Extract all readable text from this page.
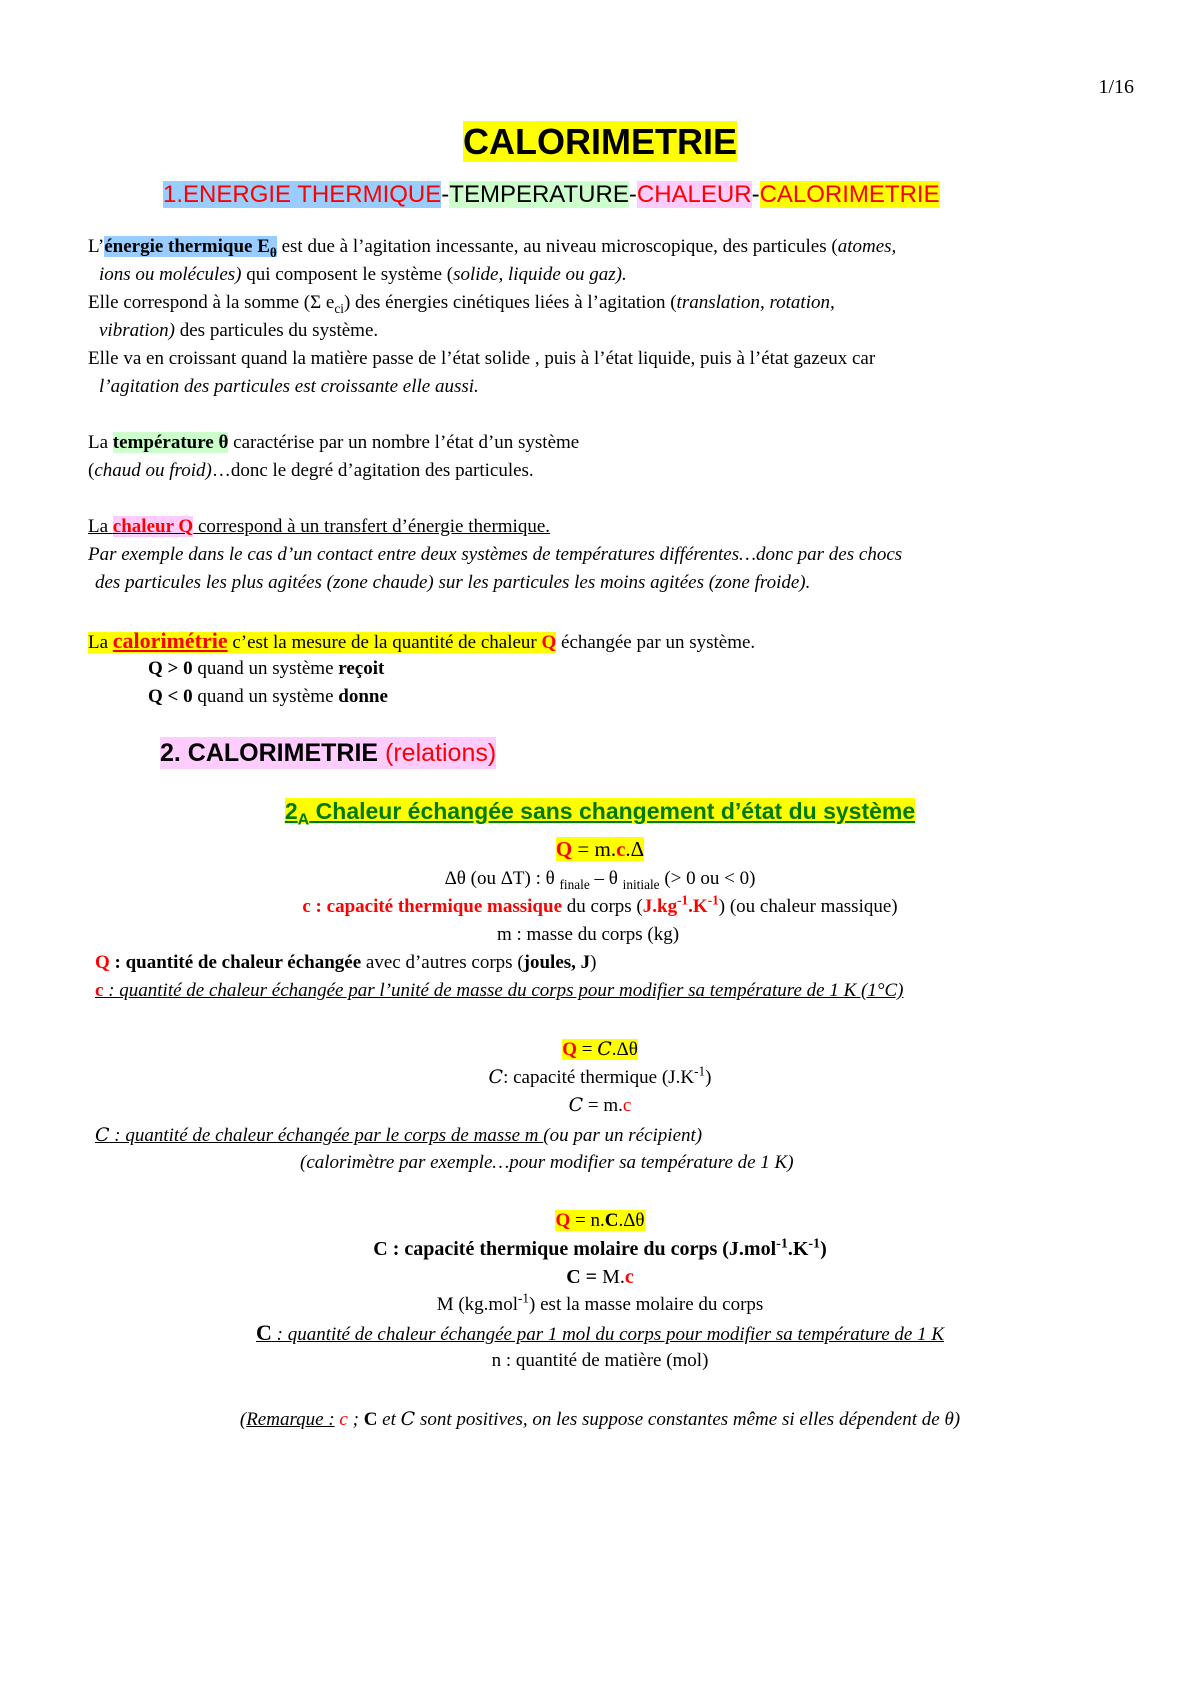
1/16
CALORIMETRIE
1.ENERGIE THERMIQUE-TEMPERATURE-CHALEUR-CALORIMETRIE
L’énergie thermique $E_\theta$ est due à l’agitation incessante, au niveau microscopique, des particules (atomes,
ions ou molécules) qui composent le système (solide, liquide ou gaz).
Elle correspond à la somme (Σ $e_{ci}$) des énergies cinétiques liées à l’agitation (translation, rotation,
vibration) des particules du système.
Elle va en croissant quand la matière passe de l’état solide , puis à l’état liquide, puis à l’état gazeux car
l’agitation des particules est croissante elle aussi.
La température θ caractérise par un nombre l’état d’un système
(chaud ou froid)…donc le degré d’agitation des particules.
La chaleur Q correspond à un transfert d’énergie thermique.
Par exemple dans le cas d’un contact entre deux systèmes de températures différentes…donc par des chocs
des particules les plus agitées (zone chaude) sur les particules les moins agitées (zone froide).
La calorimétrie c’est la mesure de la quantité de chaleur Q échangée par un système.
Q > 0 quand un système reçoit
Q < 0 quand un système donne
2. CALORIMETRIE (relations)
$2_A$ Chaleur échangée sans changement d’état du système
Q = m.c.Δ
Δθ (ou ΔT) : θ $_{finale}$ – θ $_{initiale}$ (> 0 ou < 0)
c : capacité thermique massique du corps $(J.kg^{-1}.K^{-1})$ (ou chaleur massique)
m : masse du corps (kg)
Q : quantité de chaleur échangée avec d’autres corps (joules, J)
c : quantité de chaleur échangée par l’unité de masse du corps pour modifier sa température de 1 K (1°C)
Q = C.Δθ
C: capacité thermique $(J.K^{-1})$
C = m.c
C : quantité de chaleur échangée par le corps de masse m (ou par un récipient)
(calorimètre par exemple…pour modifier sa température de 1 K)
Q = n.C.Δθ
C : capacité thermique molaire du corps $(J.mol^{-1}.K^{-1})$
C = M.c
M (kg.mol$^{-1}$) est la masse molaire du corps
C : quantité de chaleur échangée par 1 mol du corps pour modifier sa température de 1 K
n : quantité de matière (mol)
(Remarque : c ; C et C sont positives, on les suppose constantes même si elles dépendent de θ)
